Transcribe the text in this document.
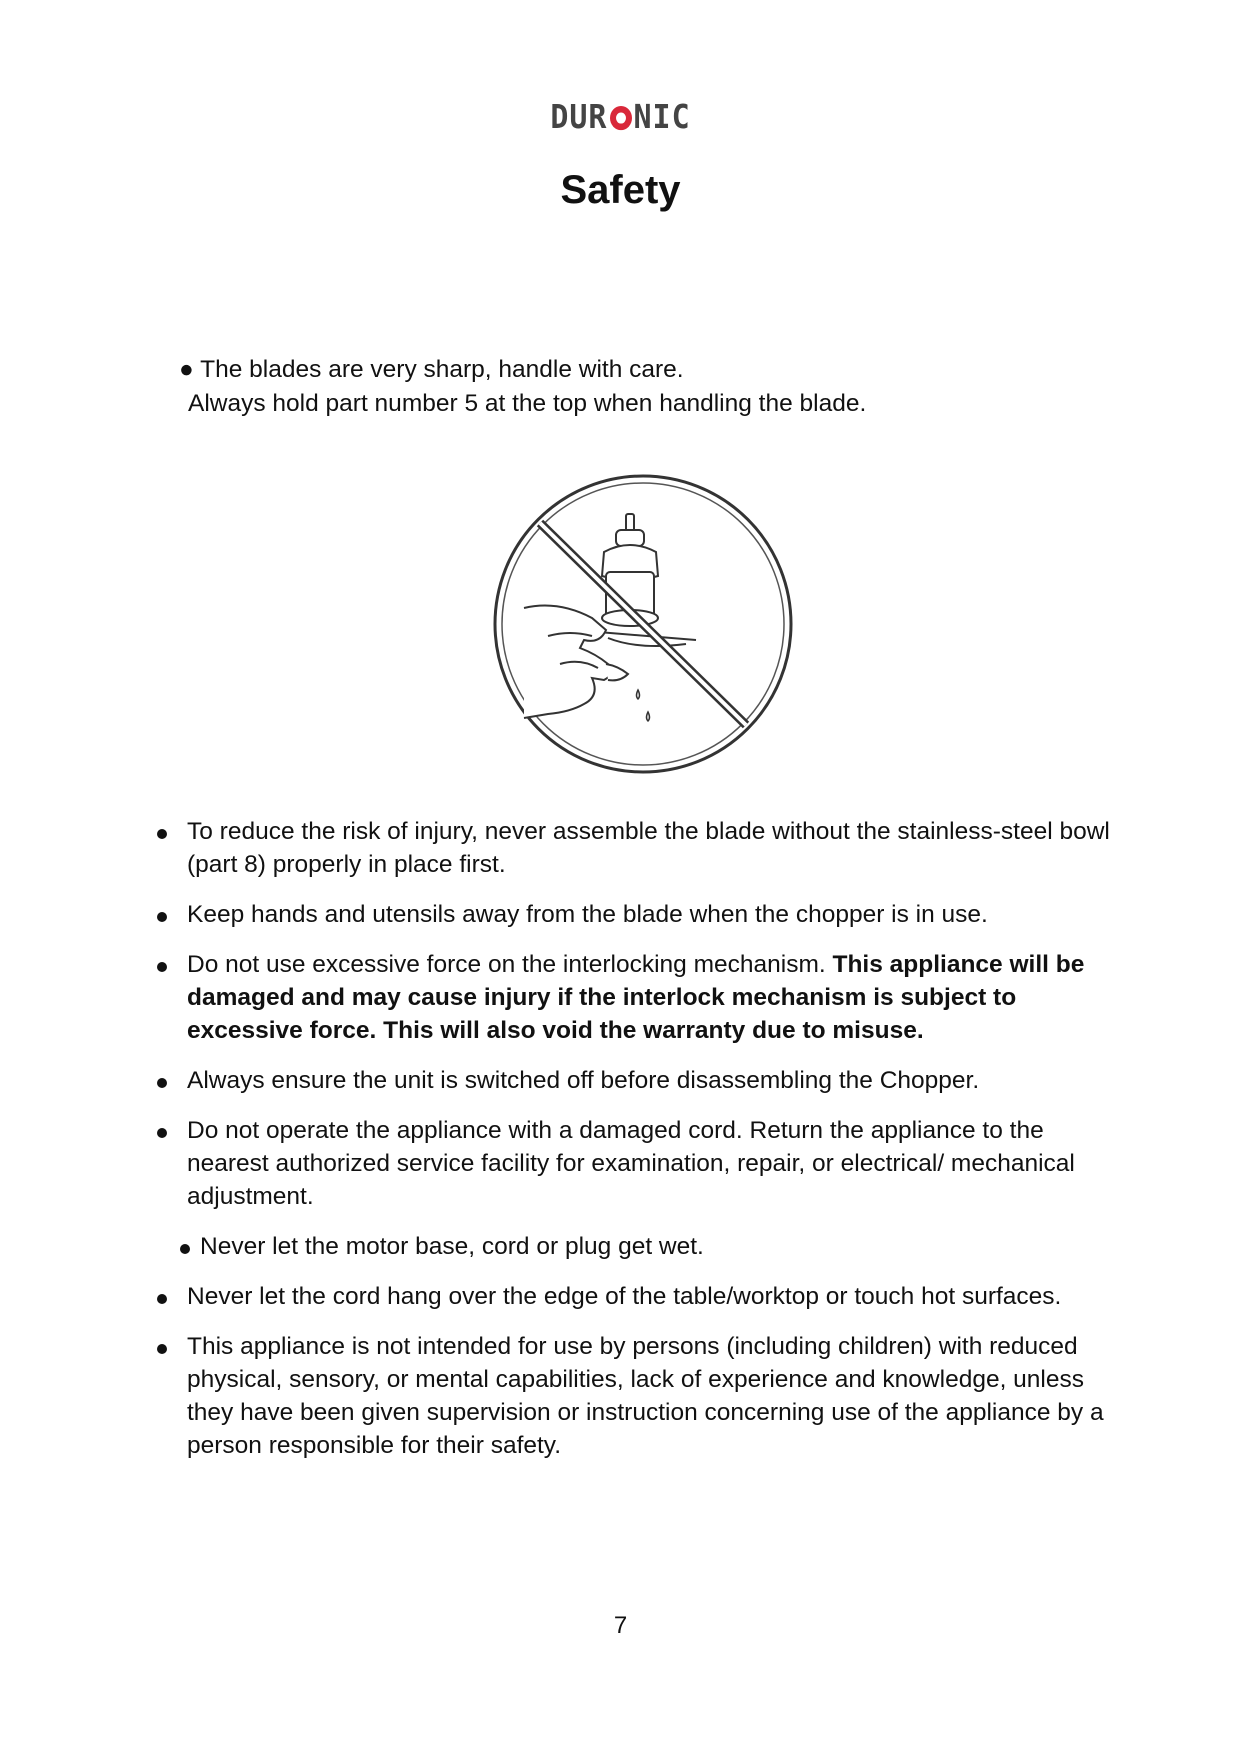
DUR NIC
Safety
● The blades are very sharp, handle with care.
Always hold part number 5 at the top when handling the blade.
To reduce the risk of injury, never assemble the blade without the stainless-steel bowl (part 8) properly in place first.
Keep hands and utensils away from the blade when the chopper is in use.
Do not use excessive force on the interlocking mechanism. This appliance will be damaged and may cause injury if the interlock mechanism is subject to excessive force. This will also void the warranty due to misuse.
Always ensure the unit is switched off before disassembling the Chopper.
Do not operate the appliance with a damaged cord. Return the appliance to the nearest authorized service facility for examination, repair, or electrical/ mechanical adjustment.
Never let the motor base, cord or plug get wet.
Never let the cord hang over the edge of the table/worktop or touch hot surfaces.
This appliance is not intended for use by persons (including children) with reduced physical, sensory, or mental capabilities, lack of experience and knowledge, unless they have been given supervision or instruction concerning use of the appliance by a person responsible for their safety.
7
